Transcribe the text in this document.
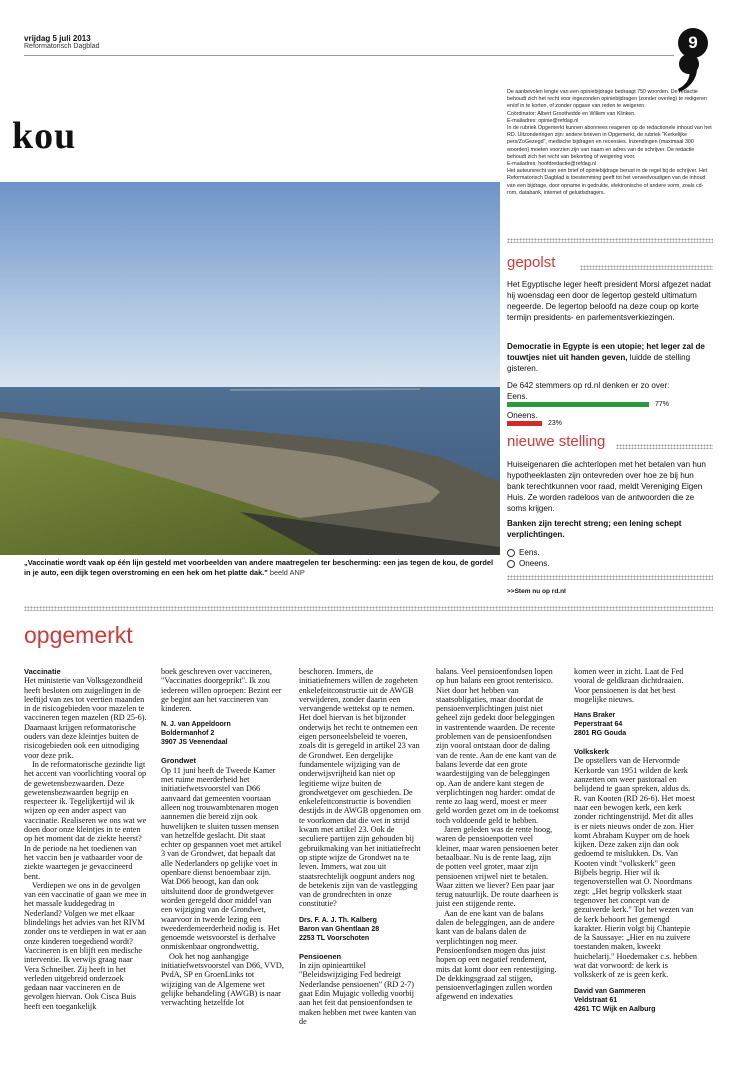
vrijdag 5 juli 2013
Reformatorisch Dagblad	9
kou
„Vaccinatie wordt vaak op één lijn gesteld met voorbeelden van andere maatregelen ter bescherming: een jas tegen de kou, de gordel in je auto, een dijk tegen overstroming en een hek om het platte dak." beeld ANP

De aanbevolen lengte van een opiniebijdrage bedraagt 750 woorden. De redactie behoudt zich het recht voor ingezonden opiniebijdragen (zonder overleg) te redigeren en/of in te korten, of zonder opgave van reden te weigeren.

Coördinator: Albert Groothedde en Willem van Klinken.

E-mailadres: opinie@refdag.nl

In de rubriek Opgemerkt kunnen abonnees reageren op de redactionele inhoud van het RD. Uitzonderingen zijn: andere brieven in Opgemerkt, de rubriek "Kerkelijke pers/ZoGezegd", medische bijdragen en recensies. Inzendingen (maximaal 300 woorden) moeten voorzien zijn van naam en adres van de schrijver. De redactie behoudt zich het recht van bekorting of weigering voor.

E-mailadres: hoofdredactie@refdag.nl

Het auteursrecht van een brief of opiniebijdrage berust in de regel bij de schrijver. Het Reformatorisch Dagblad is toestemming geeft tot het verveelvoudigen van de inhoud van een bijdrage, door opname in gedrukte, elektronische of andere vorm, zoals cd-rom, databank, internet of geluidsdragers.

gepolst
Het Egyptische leger heeft president Morsi afgezet nadat hij woensdag een door de legertop gesteld ultimatum negeerde. De legertop beloofd na deze coup op korte termijn presidents- en parlementsverkiezingen.
Democratie in Egypte is een utopie; het leger zal de touwtjes niet uit handen geven, luidde de stelling gisteren.
De 642 stemmers op rd.nl denken er zo over:
Eens.
77%
Oneens.
23%
nieuwe stelling
Huiseigenaren die achterlopen met het betalen van hun hypotheeklasten zijn ontevreden over hoe ze bij hun bank terechtkunnen voor raad, meldt Vereniging Eigen Huis. Ze worden radeloos van de antwoorden die ze soms krijgen.
Banken zijn terecht streng; een lening schept verplichtingen.
Eens.
Oneens.
>>Stem nu op rd.nl
opgemerkt

Vaccinatie

Het ministerie van Volksgezondheid heeft besloten om zuigelingen in de leeftijd van zes tot veertien maanden in de risicogebieden voor mazelen te vaccineren tegen mazelen (RD 25-6). Daarnaast krijgen reformatorische ouders van deze kleintjes buiten de risicogebieden ook een uitnodiging voor deze prik.

In de reformatorische gezindte ligt het accent van voorlichting vooral op de gewetensbezwaarden. Deze gewetensbezwaarden begrijp en respecteer ik. Tegelijkertijd wil ik wijzen op een ander aspect van vaccinatie. Realiseren we ons wat we doen door onze kleintjes in te enten op het moment dat de ziekte heerst? In de periode na het toedienen van het vaccin ben je vatbaarder voor de ziekte waartegen je gevaccineerd bent.

Verdiepen we ons in de gevolgen van een vaccinatie of gaan we mee in het massale kuddegedrag in Nederland? Volgen we met elkaar blindelings het advies van het RIVM zonder ons te verdiepen in wat er aan onze kinderen toegediend wordt? Vaccineren is en blijft een medische interventie. Ik verwijs graag naar Vera Schneiber. Zij heeft in het verleden uitgebreid onderzoek gedaan naar vaccineren en de gevolgen hiervan. Ook Cisca Buis heeft een toegankelijk

boek geschreven over vaccineren, "Vaccinaties doorgeprikt". Ik zou iedereen willen oproepen: Bezint eer ge begint aan het vaccineren van kinderen.

N. J. van Appeldoorn

Boldermanhof 2

3907 JS Veenendaal

Grondwet

Op 11 juni heeft de Tweede Kamer met ruime meerderheid het initiatiefwetsvoorstel van D66 aanvaard dat gemeenten voortaan alleen nog trouwambtenaren mogen aannemen die bereid zijn ook huwelijken te sluiten tussen mensen van hetzelfde geslacht. Dit staat echter op gespannen voet met artikel 3 van de Grondwet, dat bepaalt dat alle Nederlanders op gelijke voet in openbare dienst benoembaar zijn. Wat D66 beoogt, kan dan ook uitsluitend door de grondwetgever worden geregeld door middel van een wijziging van de Grondwet, waarvoor in tweede lezing een tweederdemeerderheid nodig is. Het genoemde wetsvoorstel is derhalve onmiskenbaar ongrondwettig.

Ook het nog aanhangige initiatiefwetsvoorstel van D66, VVD, PvdA, SP en GroenLinks tot wijziging van de Algemene wet gelijke behandeling (AWGB) is naar verwachting hetzelfde lot

beschoren. Immers, de initiatiefnemers willen de zogeheten enkelefeitconstructie uit de AWGB verwijderen, zonder daarin een vervangende wettekst op te nemen. Het doel hiervan is het bijzonder onderwijs het recht te ontnemen een eigen personeelsbeleid te voeren, zoals dit is geregeld in artikel 23 van de Grondwet. Een dergelijke fundamentele wijziging van de onderwijsvrijheid kan niet op legitieme wijze buiten de grondwetgever om geschieden. De enkelefeitconstructie is bovendien destijds in de AWGB opgenomen om te voorkomen dat die wet in strijd kwam met artikel 23. Ook de seculiere partijen zijn gehouden bij gebruikmaking van het initiatiefrecht op stipte wijze de Grondwet na te leven. Immers, wat zou uit staatsrechtelijk oogpunt anders nog de betekenis zijn van de vastlegging van de grondrechten in onze constitutie?

Drs. F. A. J. Th. Kalberg

Baron van Ghentlaan 28

2253 TL Voorschoten

Pensioenen

In zijn opiniearttikel "Beleidswijziging Fed bedreigt Nederlandse pensioenen" (RD 2-7) gaat Edin Mujagic volledig voorbij aan het feit dat pensioenfondsen te maken hebben met twee kanten van de

balans. Veel pensioenfondsen lopen op hun balans een groot renterisico. Niet door het hebben van staatsobligaties, maar doordat de pensioenverplichtingen juist niet geheel zijn gedekt door beleggingen in vastrentende waarden. De recente problemen van de pensioenfondsen zijn vooral ontstaan door de daling van de rente. Aan de ene kant van de balans leverde dat een grote waardestijging van de beleggingen op. Aan de andere kant stegen de verplichtingen nog harder: omdat de rente zo laag werd, moest er meer geld worden gezet om in de toekomst toch voldoende geld te hebben.

Jaren geleden was de rente hoog, waren de pensioenpotten veel kleiner, maar waren pensioenen beter betaalbaar. Nu is de rente laag, zijn de potten veel groter, maar zijn pensioenen vrijwel niet te betalen. Waar zitten we liever? Een paar jaar terug natuurlijk. De route daarheen is juist een stijgende rente.

Aan de ene kant van de balans dalen de beleggingen, aan de andere kant van de balans dalen de verplichtingen nog meer. Pensioenfondsen mogen dus juist hopen op een negatief rendement, mits dat komt door een rentestijging. De dekkingsgraad zal stijgen, pensioenverlagingen zullen worden afgewend en indexaties

komen weer in zicht. Laat de Fed vooral de geldkraan dichtdraaien. Voor pensioenen is dat het best mogelijke nieuws.

Hans Braker

Peperstraat 64

2801 RG Gouda

Volkskerk

De opstellers van de Hervormde Kerkorde van 1951 wilden de kerk aanzetten om weer pastoraal en belijdend te gaan spreken, aldus ds. R. van Kooten (RD 26-6). Het moest naar een bewogen kerk, een kerk zonder richtingenstrijd. Met dit alles is er niets nieuws onder de zon. Hier komt Abraham Kuyper om de hoek kijken. Deze zaken zijn dan ook gedoemd te mislukken. Ds. Van Kooten vindt "volkskerk" geen Bijbels begrip. Hier wil ik tegenoverstellen wat O. Noordmans zegt: „Het begrip volkskerk staat tegenover het concept van de gezuiverde kerk." Tot het wezen van de kerk behoort het gemengd karakter. Hierin volgt bij Chantepie de la Saussaye: „Hier en nu zuivere toestanden maken, kweekt huichelarij." Hoedemaker c.s. hebben wat dat vorwoord: de kerk is volkskerk of ze is geen kerk.

David van Gammeren

Veldstraat 61

4261 TC Wijk en Aalburg
